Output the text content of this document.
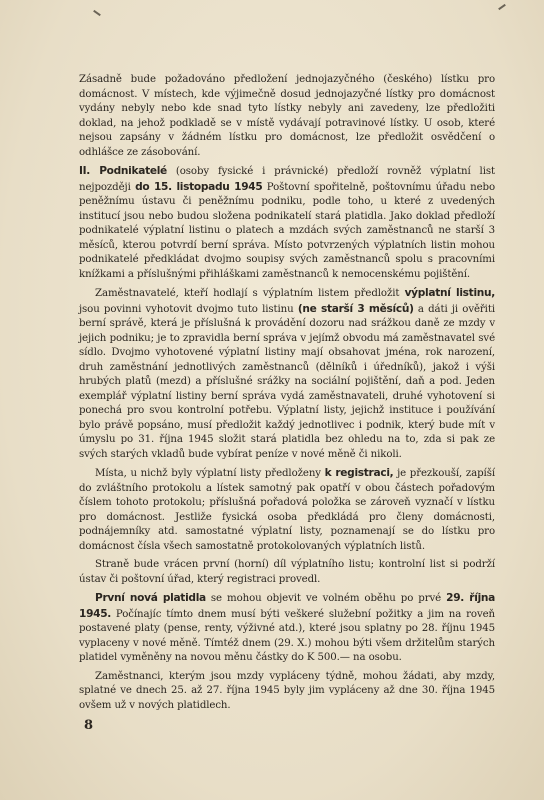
Zásadně bude požadováno předložení jednojazyčného (českého) lístku pro domácnost. V místech, kde výjimečně dosud jednojazyčné lístky pro domácnost vydány nebyly nebo kde snad tyto lístky nebyly ani zavedeny, lze předložiti doklad, na jehož podkladě se v místě vydávají potravinové lístky. U osob, které nejsou zapsány v žádném lístku pro domácnost, lze předložit osvědčení o odhlášce ze zásobování.

II. Podnikatelé (osoby fysické i právnické) předloží rovněž výplatní list nejpozději do 15. listopadu 1945 Poštovní spořitelně, poštovnímu úřadu nebo peněžnímu ústavu či peněžnímu podniku, podle toho, u které z uvedených institucí jsou nebo budou složena podnikatelí stará platidla. Jako doklad předloží podnikatelé výplatní listinu o platech a mzdách svých zaměstnanců ne starší 3 měsíců, kterou potvrdí berní správa. Místo potvrzených výplatních listin mohou podnikatelé předkládat dvojmo soupisy svých zaměstnanců spolu s pracovními knížkami a příslušnými přihláškami zaměstnanců k nemocenskému pojištění.

Zaměstnavatelé, kteří hodlají s výplatním listem předložit výplatní listinu, jsou povinni vyhotovit dvojmo tuto listinu (ne starší 3 měsíců) a dáti ji ověřiti berní správě, která je příslušná k provádění dozoru nad srážkou daně ze mzdy v jejich podniku; je to zpravidla berní správa v jejímž obvodu má zaměstnavatel své sídlo. Dvojmo vyhotovené výplatní listiny mají obsahovat jména, rok narození, druh zaměstnání jednotlivých zaměstnanců (dělníků i úředníků), jakož i výši hrubých platů (mezd) a příslušné srážky na sociální pojištění, daň a pod. Jeden exemplář výplatní listiny berní správa vydá zaměstnavateli, druhé vyhotovení si ponechá pro svou kontrolní potřebu. Výplatní listy, jejichž instituce i používání bylo právě popsáno, musí předložit každý jednotlivec i podnik, který bude mít v úmyslu po 31. října 1945 složit stará platidla bez ohledu na to, zda si pak ze svých starých vkladů bude vybírat peníze v nové měně či nikoli.

Místa, u nichž byly výplatní listy předloženy k registraci, je přezkouší, zapíší do zvláštního protokolu a lístek samotný pak opatří v obou částech pořadovým číslem tohoto protokolu; příslušná pořadová položka se zároveň vyznačí v lístku pro domácnost. Jestliže fysická osoba předkládá pro členy domácnosti, podnájemníky atd. samostatné výplatní listy, poznamenají se do lístku pro domácnost čísla všech samostatně protokolovaných výplatních listů.

Straně bude vrácen první (horní) díl výplatního listu; kontrolní list si podrží ústav či poštovní úřad, který registraci provedl.

První nová platidla se mohou objevit ve volném oběhu po prvé 29. října 1945. Počínajíc tímto dnem musí býti veškeré služební požitky a jim na roveň postavené platy (pense, renty, výživné atd.), které jsou splatny po 28. říjnu 1945 vyplaceny v nové měně. Tímtéž dnem (29. X.) mohou býti všem držitelům starých platidel vyměněny na novou měnu částky do K 500.— na osobu.

Zaměstnanci, kterým jsou mzdy vypláceny týdně, mohou žádati, aby mzdy, splatné ve dnech 25. až 27. října 1945 byly jim vypláceny až dne 30. října 1945 ovšem už v nových platidlech.

8
